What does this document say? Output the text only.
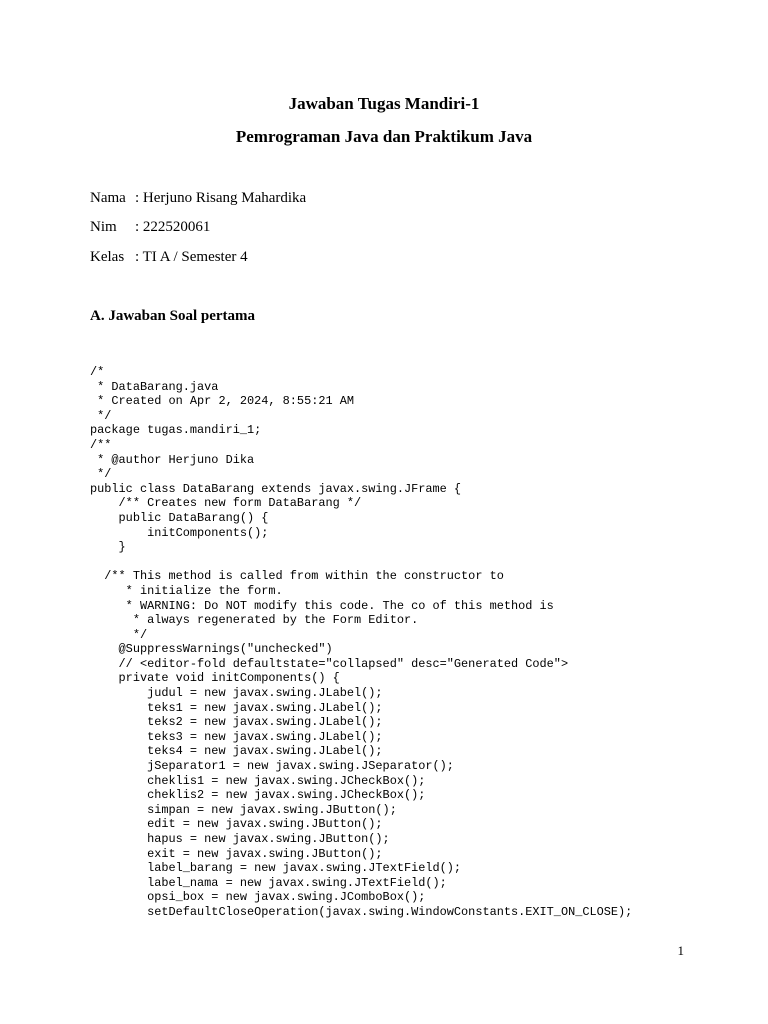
Jawaban Tugas Mandiri-1
Pemrograman Java dan Praktikum Java
Nama : Herjuno Risang Mahardika
Nim : 222520061
Kelas : TI A / Semester 4
A. Jawaban Soal pertama
/*
* DataBarang.java
* Created on Apr 2, 2024, 8:55:21 AM
*/
package tugas.mandiri_1;
/**
* @author Herjuno Dika
*/
public class DataBarang extends javax.swing.JFrame {
/** Creates new form DataBarang */
public DataBarang() {
initComponents();
}
/** This method is called from within the constructor to
* initialize the form.
* WARNING: Do NOT modify this code. The co of this method is
* always regenerated by the Form Editor.
*/
@SuppressWarnings("unchecked")
// <editor-fold defaultstate="collapsed" desc="Generated Code">
private void initComponents() {
judul = new javax.swing.JLabel();
teks1 = new javax.swing.JLabel();
teks2 = new javax.swing.JLabel();
teks3 = new javax.swing.JLabel();
teks4 = new javax.swing.JLabel();
jSeparator1 = new javax.swing.JSeparator();
cheklis1 = new javax.swing.JCheckBox();
cheklis2 = new javax.swing.JCheckBox();
simpan = new javax.swing.JButton();
edit = new javax.swing.JButton();
hapus = new javax.swing.JButton();
exit = new javax.swing.JButton();
label_barang = new javax.swing.JTextField();
label_nama = new javax.swing.JTextField();
opsi_box = new javax.swing.JComboBox();
setDefaultCloseOperation(javax.swing.WindowConstants.EXIT_ON_CLOSE);
1
